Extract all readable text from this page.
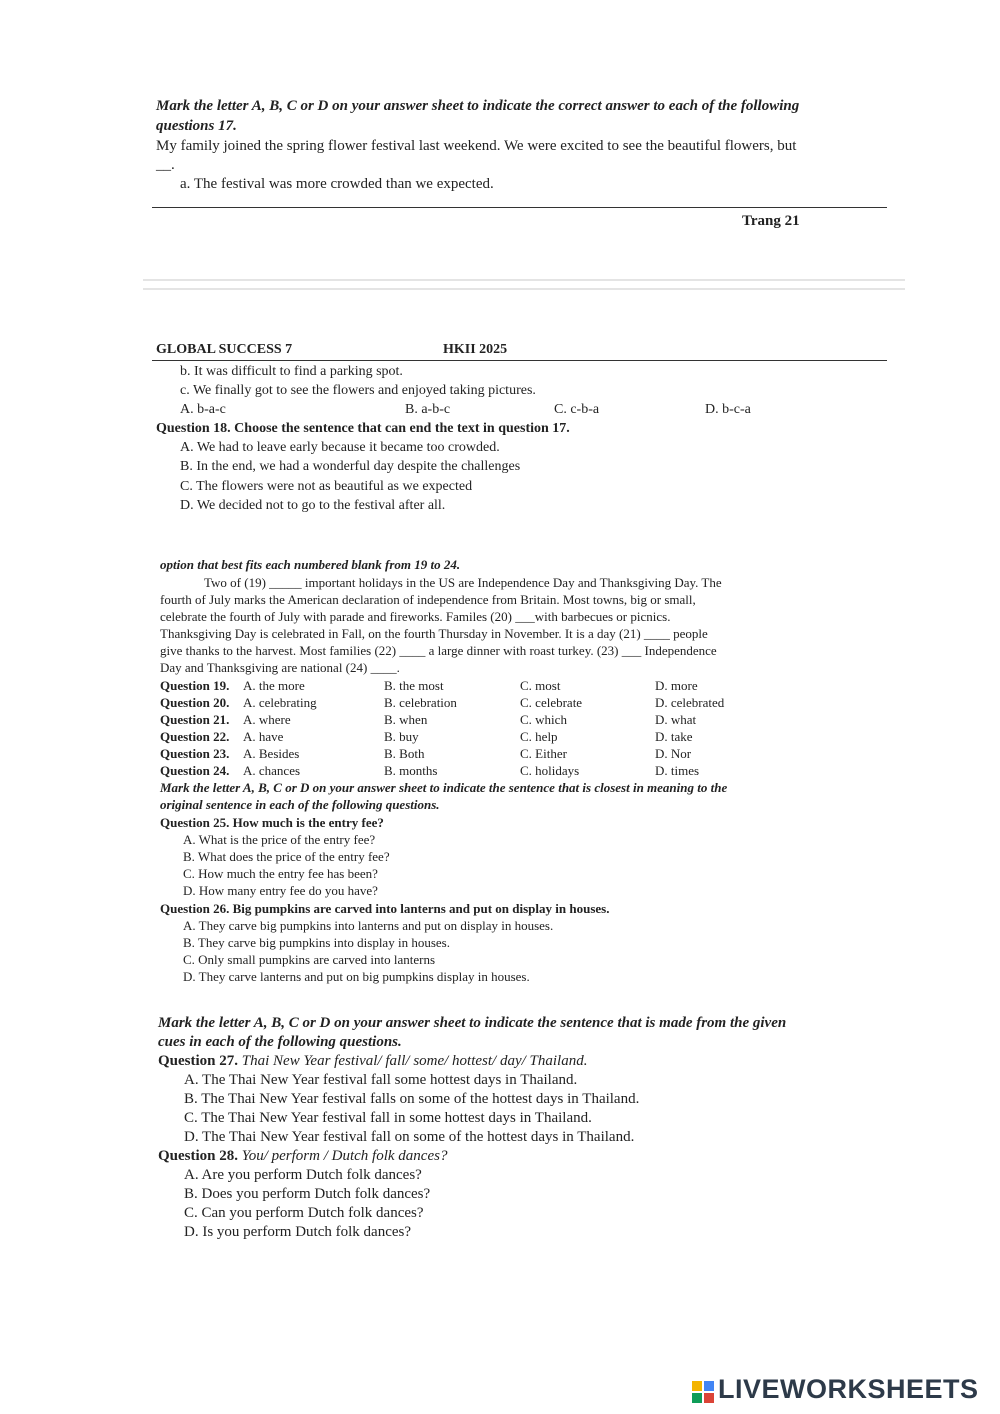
Mark the letter A, B, C or D on your answer sheet to indicate the correct answer to each of the following
questions 17.
My family joined the spring flower festival last weekend. We were excited to see the beautiful flowers, but
__.
a. The festival was more crowded than we expected.
Trang 21
GLOBAL SUCCESS 7	HKII 2025
b. It was difficult to find a parking spot.
c. We finally got to see the flowers and enjoyed taking pictures.
A. b-a-c	B. a-b-c	C. c-b-a	D. b-c-a
Question 18. Choose the sentence that can end the text in question 17.
A. We had to leave early because it became too crowded.
B. In the end, we had a wonderful day despite the challenges
C. The flowers were not as beautiful as we expected
D. We decided not to go to the festival after all.
option that best fits each numbered blank from 19 to 24.
Two of (19) _____ important holidays in the US are Independence Day and Thanksgiving Day. The
fourth of July marks the American declaration of independence from Britain. Most towns, big or small,
celebrate the fourth of July with parade and fireworks. Familes (20) ___with barbecues or picnics.
Thanksgiving Day is celebrated in Fall, on the fourth Thursday in November. It is a day (21) ____ people
give thanks to the harvest. Most families (22) ____ a large dinner with roast turkey. (23) ___ Independence
Day and Thanksgiving are national (24) ____.
Question 19. A. the more	B. the most	C. most	D. more
Question 20. A. celebrating	B. celebration	C. celebrate	D. celebrated
Question 21. A. where	B. when	C. which	D. what
Question 22. A. have	B. buy	C. help	D. take
Question 23. A. Besides	B. Both	C. Either	D. Nor
Question 24. A. chances	B. months	C. holidays	D. times
Mark the letter A, B, C or D on your answer sheet to indicate the sentence that is closest in meaning to the
original sentence in each of the following questions.
Question 25. How much is the entry fee?
A. What is the price of the entry fee?
B. What does the price of the entry fee?
C. How much the entry fee has been?
D. How many entry fee do you have?
Question 26. Big pumpkins are carved into lanterns and put on display in houses.
A. They carve big pumpkins into lanterns and put on display in houses.
B. They carve big pumpkins into display in houses.
C. Only small pumpkins are carved into lanterns
D. They carve lanterns and put on big pumpkins display in houses.
Mark the letter A, B, C or D on your answer sheet to indicate the sentence that is made from the given
cues in each of the following questions.
Question 27. Thai New Year festival/ fall/ some/ hottest/ day/ Thailand.
A. The Thai New Year festival fall some hottest days in Thailand.
B. The Thai New Year festival falls on some of the hottest days in Thailand.
C. The Thai New Year festival fall in some hottest days in Thailand.
D. The Thai New Year festival fall on some of the hottest days in Thailand.
Question 28. You/ perform / Dutch folk dances?
A. Are you perform Dutch folk dances?
B. Does you perform Dutch folk dances?
C. Can you perform Dutch folk dances?
D. Is you perform Dutch folk dances?
LIVEWORKSHEETS
